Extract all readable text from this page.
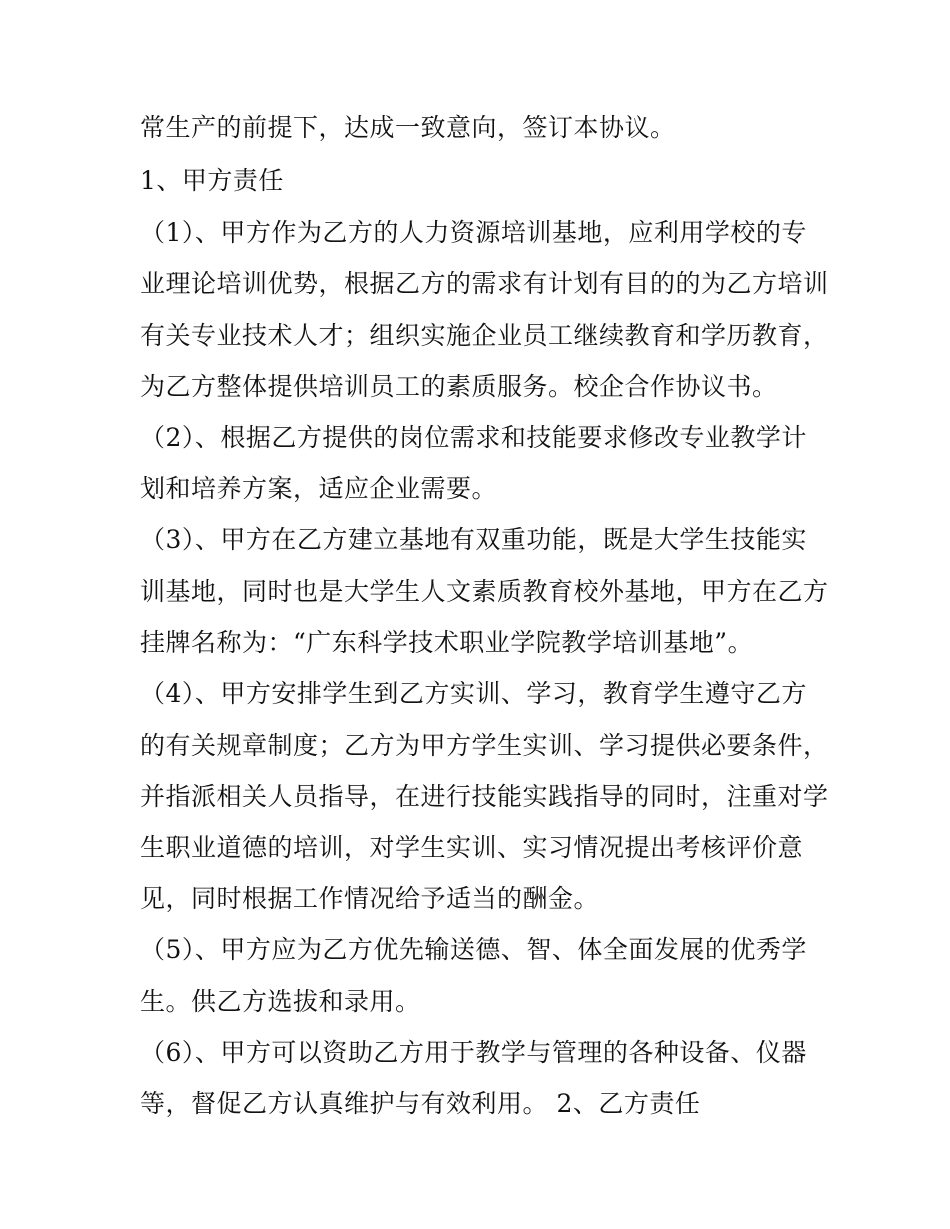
常生产的前提下，达成一致意向，签订本协议。
1、甲方责任
（1）、甲方作为乙方的人力资源培训基地，应利用学校的专
业理论培训优势，根据乙方的需求有计划有目的的为乙方培训
有关专业技术人才；组织实施企业员工继续教育和学历教育，
为乙方整体提供培训员工的素质服务。校企合作协议书。
（2）、根据乙方提供的岗位需求和技能要求修改专业教学计
划和培养方案，适应企业需要。
（3）、甲方在乙方建立基地有双重功能，既是大学生技能实
训基地，同时也是大学生人文素质教育校外基地，甲方在乙方
挂牌名称为：“广东科学技术职业学院教学培训基地”。
（4）、甲方安排学生到乙方实训、学习，教育学生遵守乙方
的有关规章制度；乙方为甲方学生实训、学习提供必要条件，
并指派相关人员指导，在进行技能实践指导的同时，注重对学
生职业道德的培训，对学生实训、实习情况提出考核评价意
见，同时根据工作情况给予适当的酬金。
（5）、甲方应为乙方优先输送德、智、体全面发展的优秀学
生。供乙方选拔和录用。
（6）、甲方可以资助乙方用于教学与管理的各种设备、仪器
等，督促乙方认真维护与有效利用。 2、乙方责任
